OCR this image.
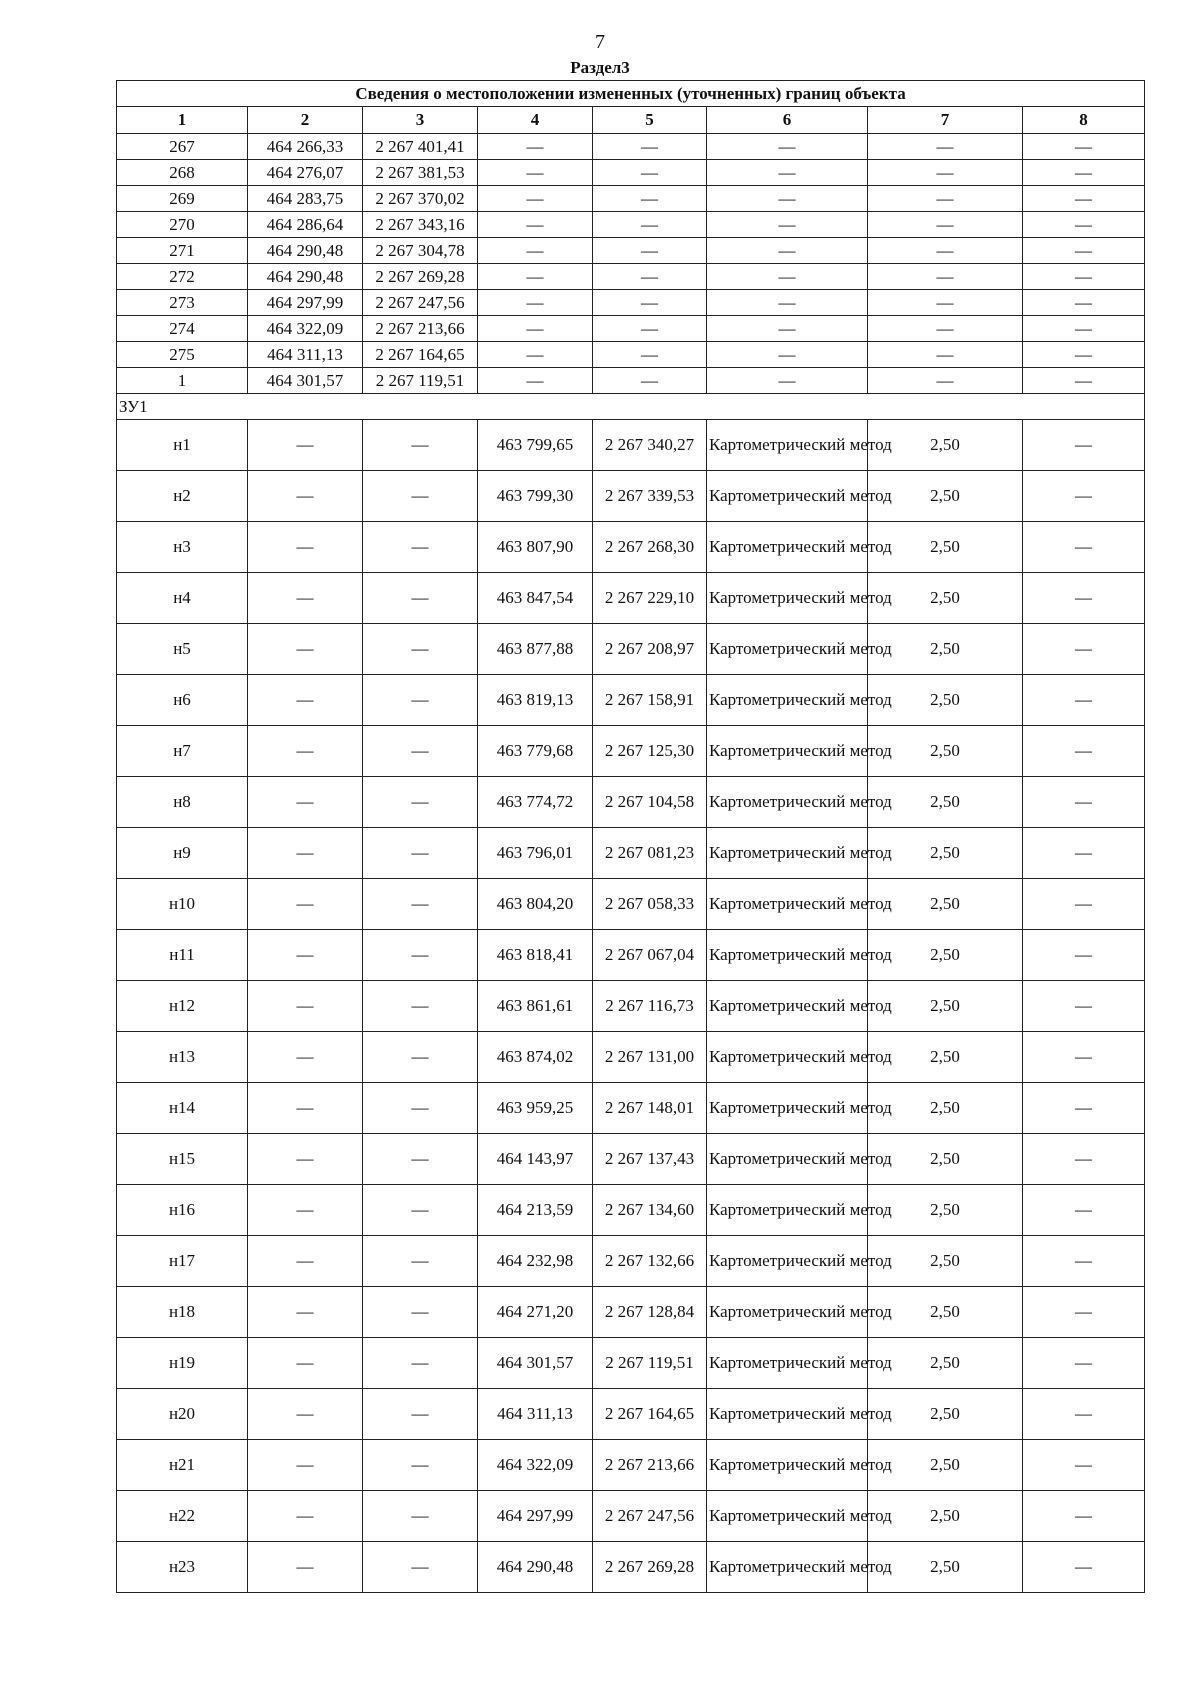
7
Раздел3
Сведения о местоположении измененных (уточненных) границ объекта							
1	2	3	4	5	6	7	8
267	464 266,33	2 267 401,41	—	—	—	—	—
268	464 276,07	2 267 381,53	—	—	—	—	—
269	464 283,75	2 267 370,02	—	—	—	—	—
270	464 286,64	2 267 343,16	—	—	—	—	—
271	464 290,48	2 267 304,78	—	—	—	—	—
272	464 290,48	2 267 269,28	—	—	—	—	—
273	464 297,99	2 267 247,56	—	—	—	—	—
274	464 322,09	2 267 213,66	—	—	—	—	—
275	464 311,13	2 267 164,65	—	—	—	—	—
1	464 301,57	2 267 119,51	—	—	—	—	—
ЗУ1							
н1	—	—	463 799,65	2 267 340,27	Картометрический метод	2,50	—
н2	—	—	463 799,30	2 267 339,53	Картометрический метод	2,50	—
н3	—	—	463 807,90	2 267 268,30	Картометрический метод	2,50	—
н4	—	—	463 847,54	2 267 229,10	Картометрический метод	2,50	—
н5	—	—	463 877,88	2 267 208,97	Картометрический метод	2,50	—
н6	—	—	463 819,13	2 267 158,91	Картометрический метод	2,50	—
н7	—	—	463 779,68	2 267 125,30	Картометрический метод	2,50	—
н8	—	—	463 774,72	2 267 104,58	Картометрический метод	2,50	—
н9	—	—	463 796,01	2 267 081,23	Картометрический метод	2,50	—
н10	—	—	463 804,20	2 267 058,33	Картометрический метод	2,50	—
н11	—	—	463 818,41	2 267 067,04	Картометрический метод	2,50	—
н12	—	—	463 861,61	2 267 116,73	Картометрический метод	2,50	—
н13	—	—	463 874,02	2 267 131,00	Картометрический метод	2,50	—
н14	—	—	463 959,25	2 267 148,01	Картометрический метод	2,50	—
н15	—	—	464 143,97	2 267 137,43	Картометрический метод	2,50	—
н16	—	—	464 213,59	2 267 134,60	Картометрический метод	2,50	—
н17	—	—	464 232,98	2 267 132,66	Картометрический метод	2,50	—
н18	—	—	464 271,20	2 267 128,84	Картометрический метод	2,50	—
н19	—	—	464 301,57	2 267 119,51	Картометрический метод	2,50	—
н20	—	—	464 311,13	2 267 164,65	Картометрический метод	2,50	—
н21	—	—	464 322,09	2 267 213,66	Картометрический метод	2,50	—
н22	—	—	464 297,99	2 267 247,56	Картометрический метод	2,50	—
н23	—	—	464 290,48	2 267 269,28	Картометрический метод	2,50	—
